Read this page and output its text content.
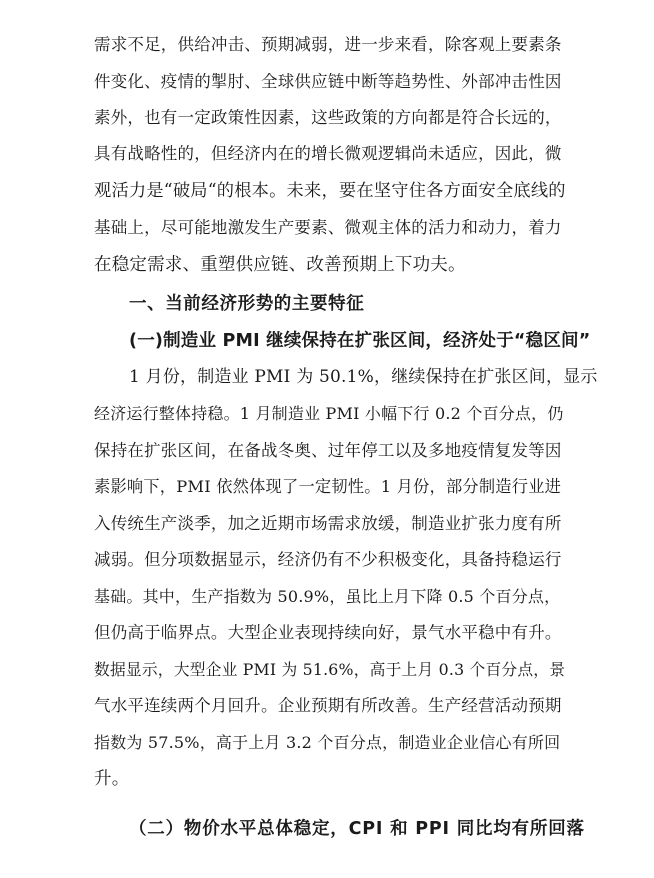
需求不足，供给冲击、预期减弱，进一步来看，除客观上要素条
件变化、疫情的掣肘、全球供应链中断等趋势性、外部冲击性因
素外，也有一定政策性因素，这些政策的方向都是符合长远的，
具有战略性的，但经济内在的增长微观逻辑尚未适应，因此，微
观活力是“破局“的根本。未来，要在坚守住各方面安全底线的
基础上，尽可能地激发生产要素、微观主体的活力和动力，着力
在稳定需求、重塑供应链、改善预期上下功夫。
一、当前经济形势的主要特征
(一)制造业 PMI 继续保持在扩张区间，经济处于“稳区间”
1 月份，制造业 PMI 为 50.1%，继续保持在扩张区间，显示
经济运行整体持稳。1 月制造业 PMI 小幅下行 0.2 个百分点，仍
保持在扩张区间，在备战冬奥、过年停工以及多地疫情复发等因
素影响下，PMI 依然体现了一定韧性。1 月份，部分制造行业进
入传统生产淡季，加之近期市场需求放缓，制造业扩张力度有所
减弱。但分项数据显示，经济仍有不少积极变化，具备持稳运行
基础。其中，生产指数为 50.9%，虽比上月下降 0.5 个百分点，
但仍高于临界点。大型企业表现持续向好，景气水平稳中有升。
数据显示，大型企业 PMI 为 51.6%，高于上月 0.3 个百分点，景
气水平连续两个月回升。企业预期有所改善。生产经营活动预期
指数为 57.5%，高于上月 3.2 个百分点，制造业企业信心有所回
升。
（二）物价水平总体稳定，CPI 和 PPI 同比均有所回落
